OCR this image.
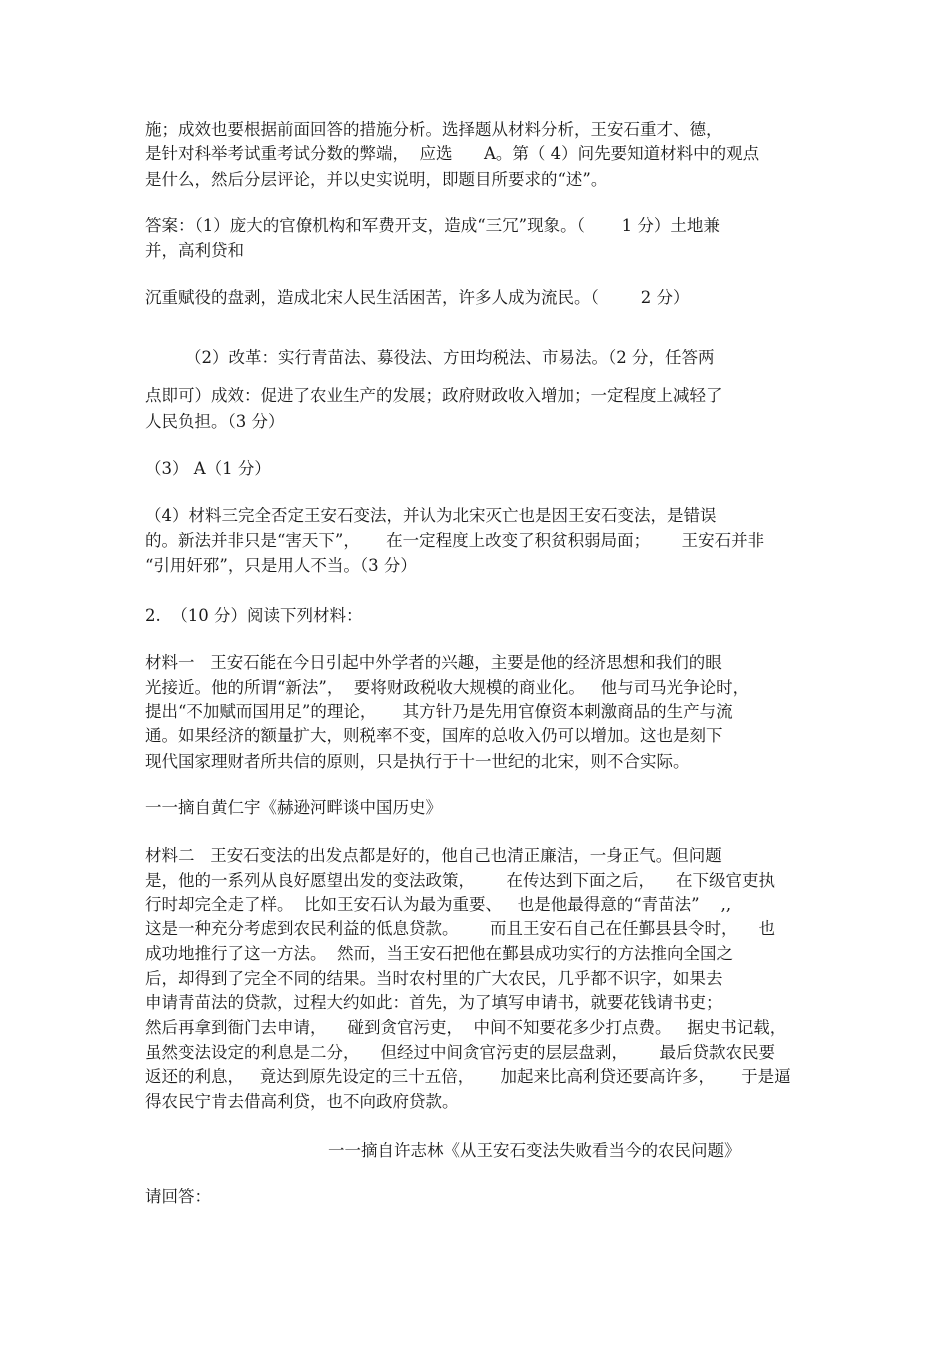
施；成效也要根据前面回答的措施分析。选择题从材料分析，王安石重才、德，
是针对科举考试重考试分数的弊端，  应选      A。第（ 4）问先要知道材料中的观点
是什么，然后分层评论，并以史实说明，即题目所要求的“述”。
答案：（1）庞大的官僚机构和军费开支，造成“三冗”现象。（       1 分）土地兼
并，高利贷和
沉重赋役的盘剥，造成北宋人民生活困苦，许多人成为流民。（        2 分）
（2）改革：实行青苗法、募役法、方田均税法、市易法。（2 分，任答两
点即可）成效：促进了农业生产的发展；政府财政收入增加；一定程度上减轻了
人民负担。（3 分）
（3） A（1 分）
（4）材料三完全否定王安石变法，并认为北宋灭亡也是因王安石变法，是错误
的。新法并非只是“害天下”，     在一定程度上改变了积贫积弱局面；      王安石并非
“引用奸邪”，只是用人不当。（3 分）
2.  （10 分）阅读下列材料：
材料一   王安石能在今日引起中外学者的兴趣，主要是他的经济思想和我们的眼
光接近。他的所谓“新法”，  要将财政税收大规模的商业化。   他与司马光争论时，
提出“不加赋而国用足”的理论，     其方针乃是先用官僚资本刺激商品的生产与流
通。如果经济的额量扩大，则税率不变，国库的总收入仍可以增加。这也是刻下
现代国家理财者所共信的原则，只是执行于十一世纪的北宋，则不合实际。
一一摘自黄仁宇《赫逊河畔谈中国历史》
材料二   王安石变法的出发点都是好的，他自己也清正廉洁，一身正气。但问题
是，他的一系列从良好愿望出发的变法政策，      在传达到下面之后，    在下级官吏执
行时却完全走了样。  比如王安石认为最为重要、   也是他最得意的“青苗法”    ,,
这是一种充分考虑到农民利益的低息贷款。      而且王安石自己在任鄞县县令时，    也
成功地推行了这一方法。  然而，当王安石把他在鄞县成功实行的方法推向全国之
后，却得到了完全不同的结果。当时农村里的广大农民，几乎都不识字，如果去
申请青苗法的贷款，过程大约如此：首先，为了填写申请书，就要花钱请书吏；
然后再拿到衙门去申请，    碰到贪官污吏，  中间不知要花多少打点费。   据史书记载，
虽然变法设定的利息是二分，    但经过中间贪官污吏的层层盘剥，      最后贷款农民要
返还的利息，   竟达到原先设定的三十五倍，     加起来比高利贷还要高许多，     于是逼
得农民宁肯去借高利贷，也不向政府贷款。
一一摘自许志林《从王安石变法失败看当今的农民问题》
请回答：
